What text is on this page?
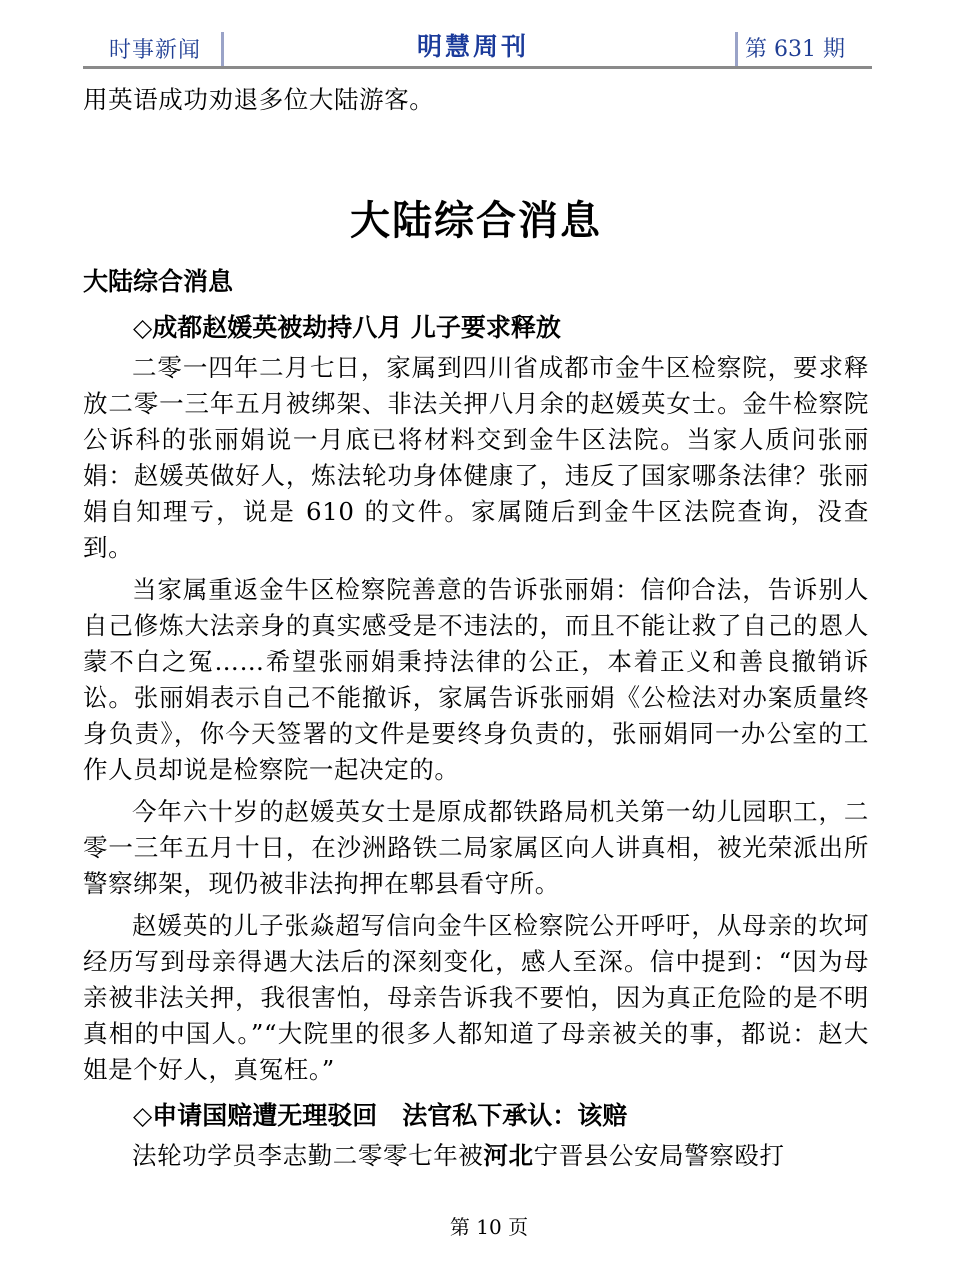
时事新闻	明慧周刊	第 631 期

用英语成功劝退多位大陆游客。

大陆综合消息
大陆综合消息
◇成都赵媛英被劫持八月 儿子要求释放

二零一四年二月七日，家属到四川省成都市金牛区检察院，要求释放二零一三年五月被绑架、非法关押八月余的赵媛英女士。金牛检察院公诉科的张丽娟说一月底已将材料交到金牛区法院。当家人质问张丽娟：赵媛英做好人，炼法轮功身体健康了，违反了国家哪条法律？张丽娟自知理亏，说是 610 的文件。家属随后到金牛区法院查询，没查到。

当家属重返金牛区检察院善意的告诉张丽娟：信仰合法，告诉别人自己修炼大法亲身的真实感受是不违法的，而且不能让救了自己的恩人蒙不白之冤……希望张丽娟秉持法律的公正，本着正义和善良撤销诉讼。张丽娟表示自己不能撤诉，家属告诉张丽娟《公检法对办案质量终身负责》，你今天签署的文件是要终身负责的，张丽娟同一办公室的工作人员却说是检察院一起决定的。

今年六十岁的赵媛英女士是原成都铁路局机关第一幼儿园职工，二零一三年五月十日，在沙洲路铁二局家属区向人讲真相，被光荣派出所警察绑架，现仍被非法拘押在郫县看守所。

赵媛英的儿子张焱超写信向金牛区检察院公开呼吁，从母亲的坎坷经历写到母亲得遇大法后的深刻变化，感人至深。信中提到：“因为母亲被非法关押，我很害怕，母亲告诉我不要怕，因为真正危险的是不明真相的中国人。”“大院里的很多人都知道了母亲被关的事，都说：赵大姐是个好人，真冤枉。”

◇申请国赔遭无理驳回　法官私下承认：该赔

法轮功学员李志勤二零零七年被河北宁晋县公安局警察殴打

第 10 页
